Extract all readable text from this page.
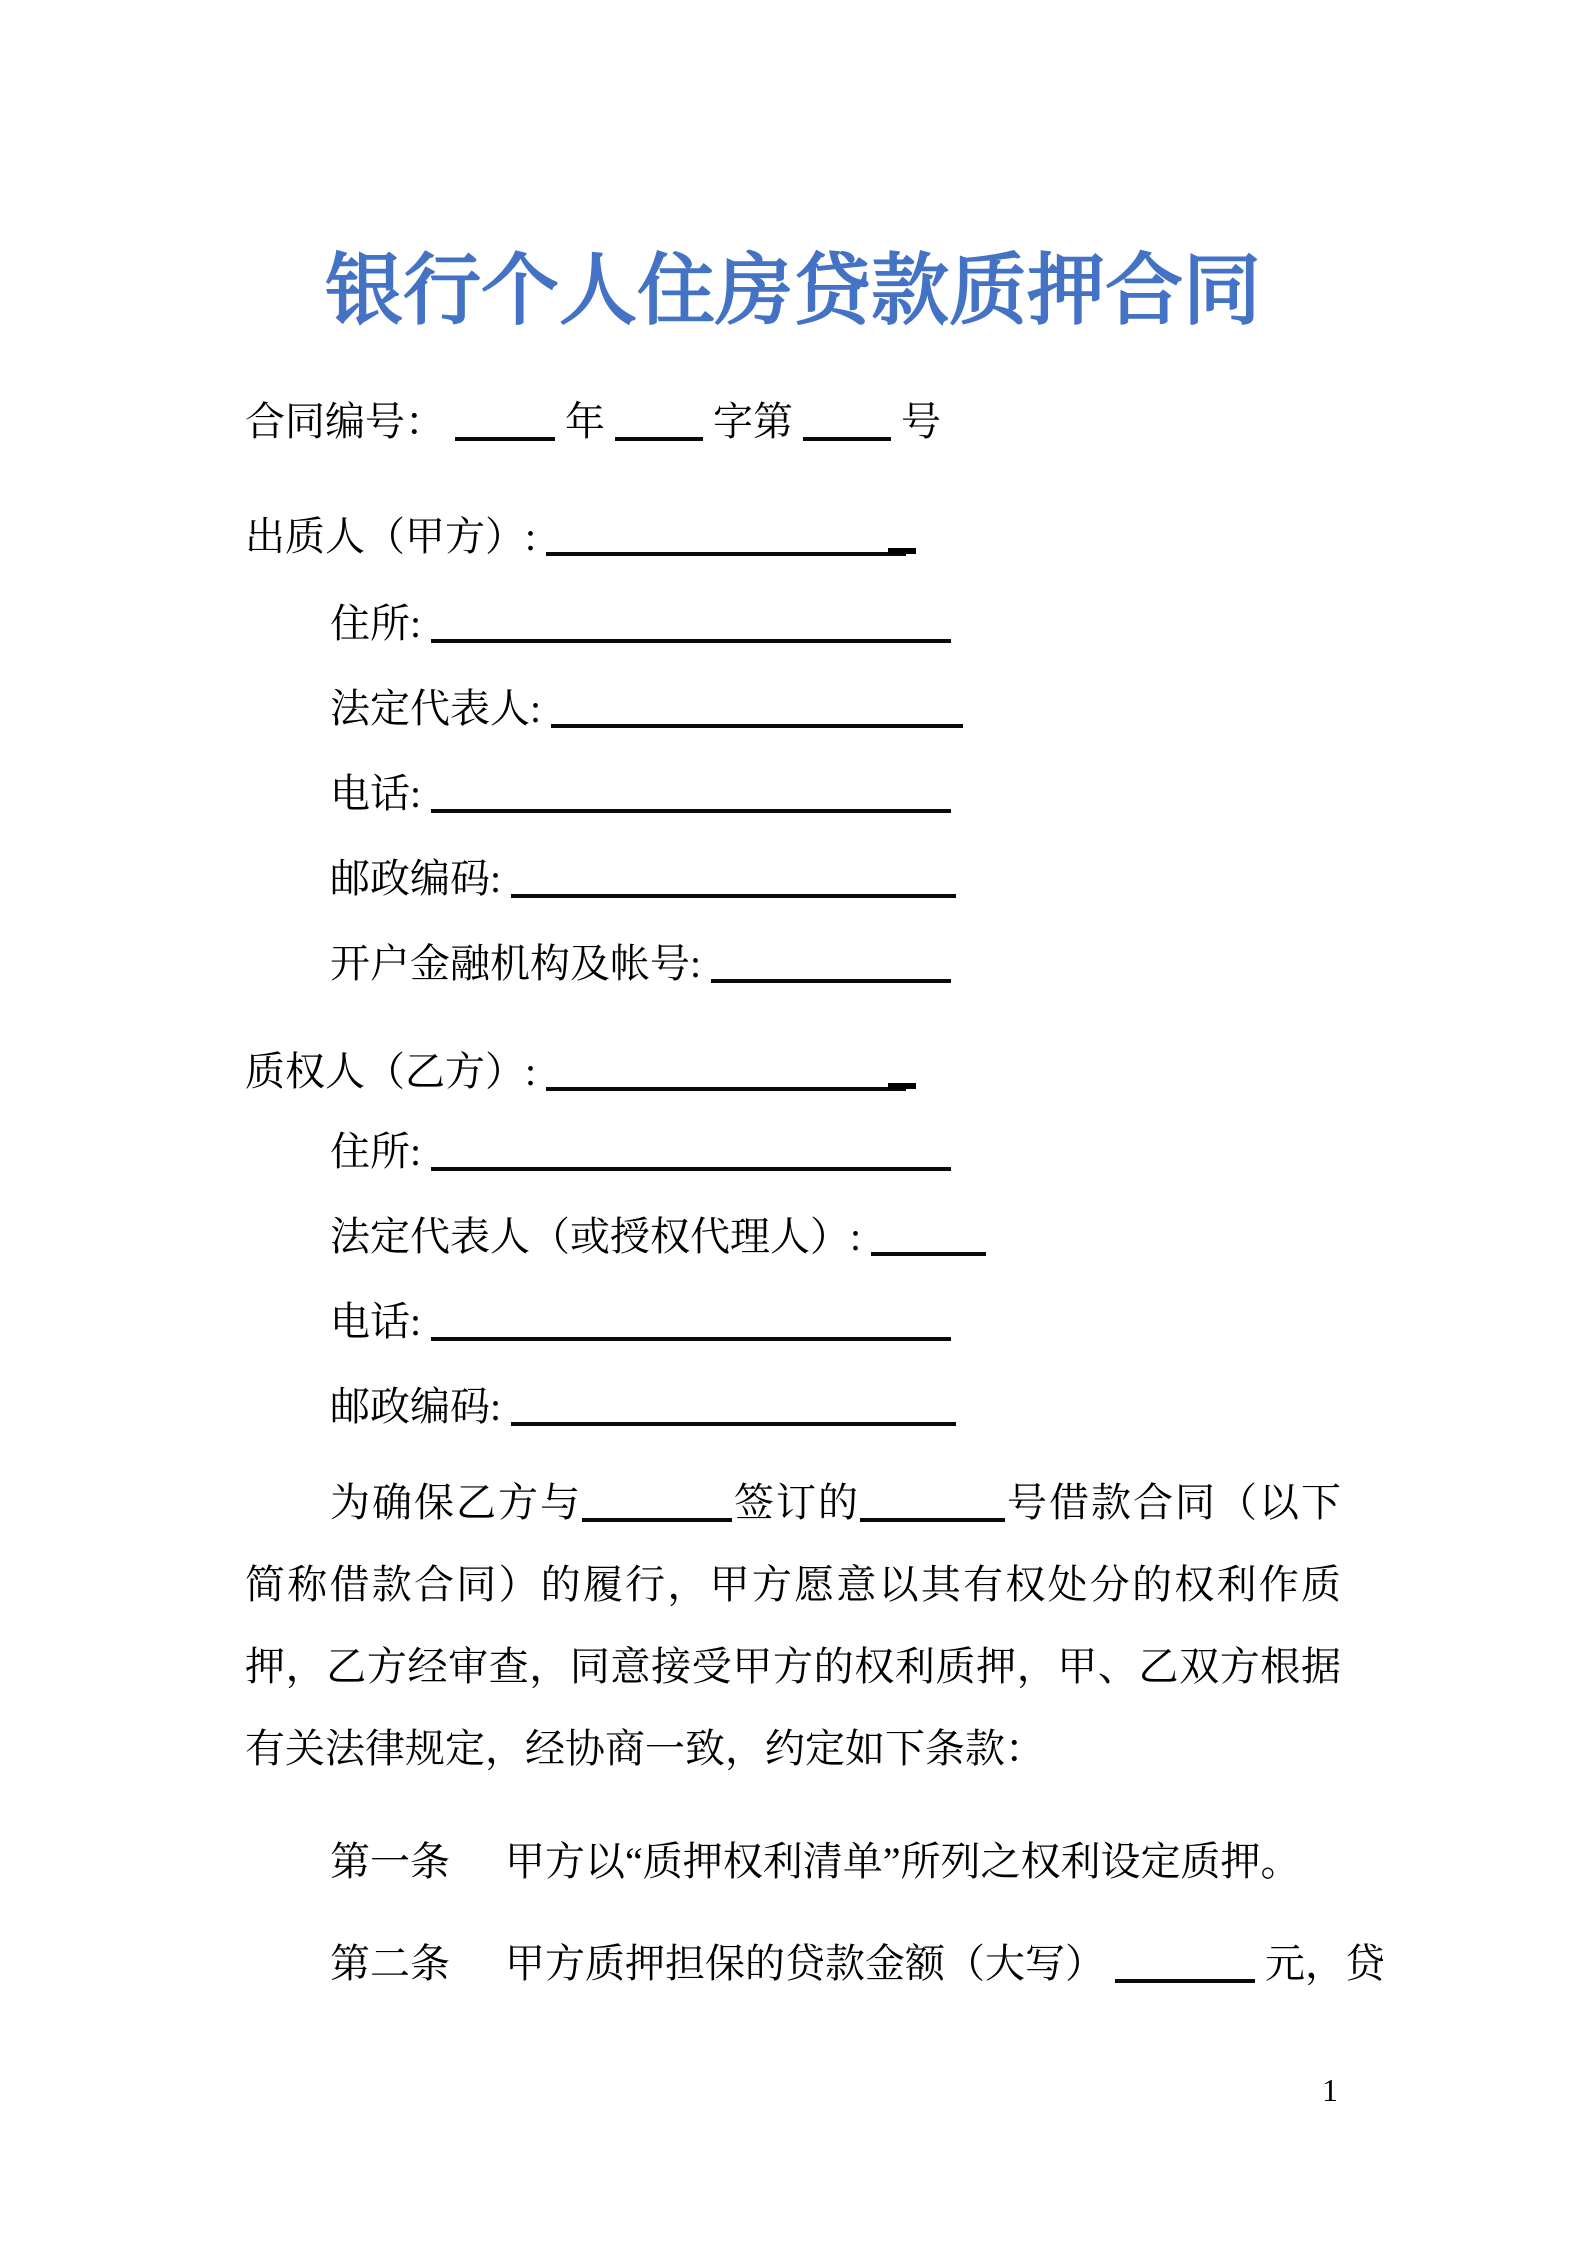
银行个人住房贷款质押合同
合同编号：	年	字第	号
出质人（甲方）:
住所:
法定代表人:
电话:
邮政编码:
开户金融机构及帐号:
质权人（乙方）:
住所:
法定代表人（或授权代理人）:
电话:
邮政编码:

为确保乙方与	签订的	号借款合同（以下简称借款合同）的履行，甲方愿意以其有权处分的权利作质押，乙方经审查，同意接受甲方的权利质押，甲、乙双方根据有关法律规定，经协商一致，约定如下条款：

第一条 甲方以“质押权利清单”所列之权利设定质押。
第二条 甲方质押担保的贷款金额（大写）	元，贷
1
